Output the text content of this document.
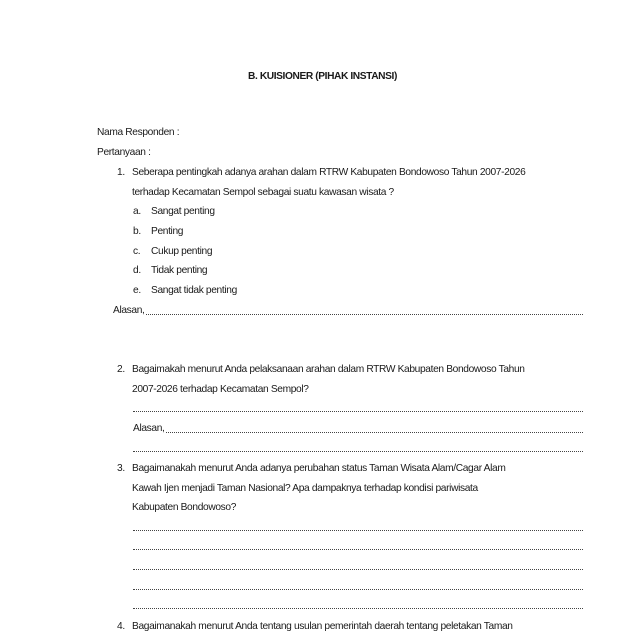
B. KUISIONER (PIHAK INSTANSI)
Nama Responden :
Pertanyaan :
1. Seberapa pentingkah adanya arahan dalam RTRW Kabupaten Bondowoso Tahun 2007-2026
terhadap Kecamatan Sempol sebagai suatu kawasan wisata ?
a. Sangat penting
b. Penting
c. Cukup penting
d. Tidak penting
e. Sangat tidak penting
Alasan,
2. Bagaimakah menurut Anda pelaksanaan arahan dalam RTRW Kabupaten Bondowoso Tahun
2007-2026 terhadap Kecamatan Sempol?
Alasan,
3. Bagaimanakah menurut Anda adanya perubahan status Taman Wisata Alam/Cagar Alam
Kawah Ijen menjadi Taman Nasional? Apa dampaknya terhadap kondisi pariwisata
Kabupaten Bondowoso?
4. Bagaimanakah menurut Anda tentang usulan pemerintah daerah tentang peletakan Taman
